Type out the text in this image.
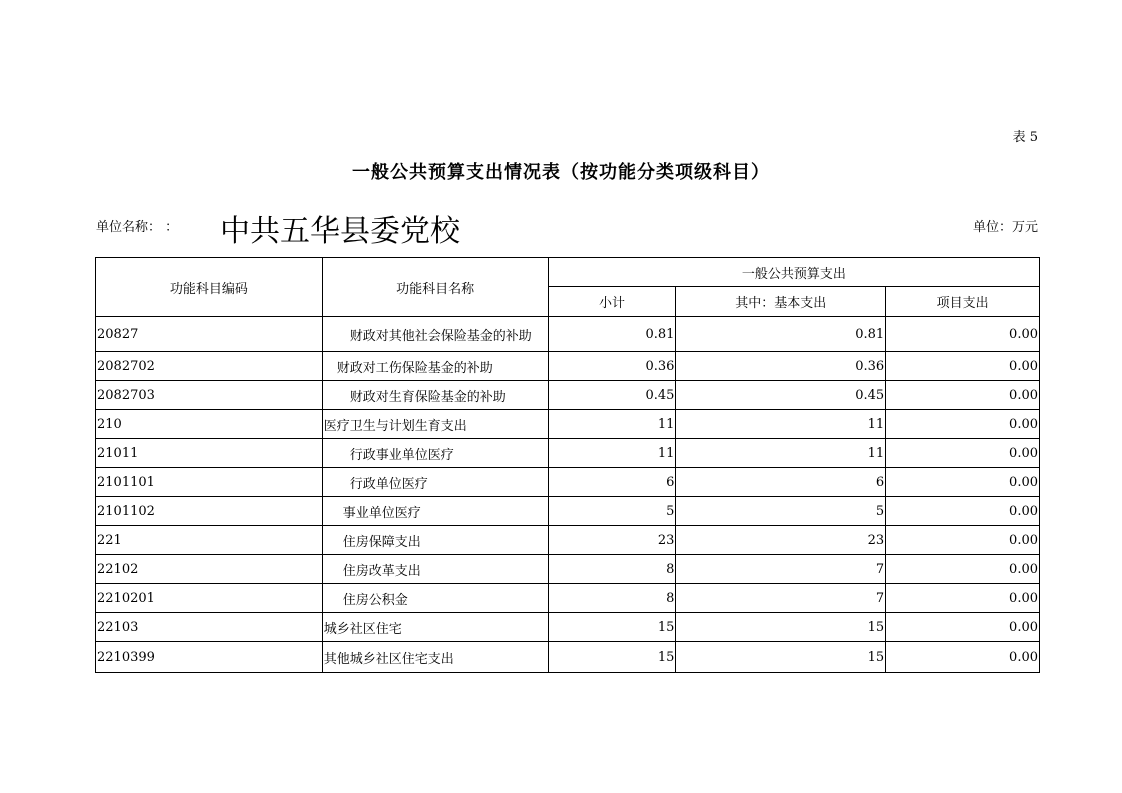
表 5
一般公共预算支出情况表（按功能分类项级科目）
单位名称： ： 中共五华县委党校	单位：万元
功能科目编码	功能科目名称	一般公共预算支出		
		小计	其中：基本支出	项目支出
20827	财政对其他社会保险基金的补助	0.81	0.81	0.00
2082702	财政对工伤保险基金的补助	0.36	0.36	0.00
2082703	财政对生育保险基金的补助	0.45	0.45	0.00
210	医疗卫生与计划生育支出	11	11	0.00
21011	行政事业单位医疗	11	11	0.00
2101101	行政单位医疗	6	6	0.00
2101102	事业单位医疗	5	5	0.00
221	住房保障支出	23	23	0.00
22102	住房改革支出	8	7	0.00
2210201	住房公积金	8	7	0.00
22103	城乡社区住宅	15	15	0.00
2210399	其他城乡社区住宅支出	15	15	0.00
